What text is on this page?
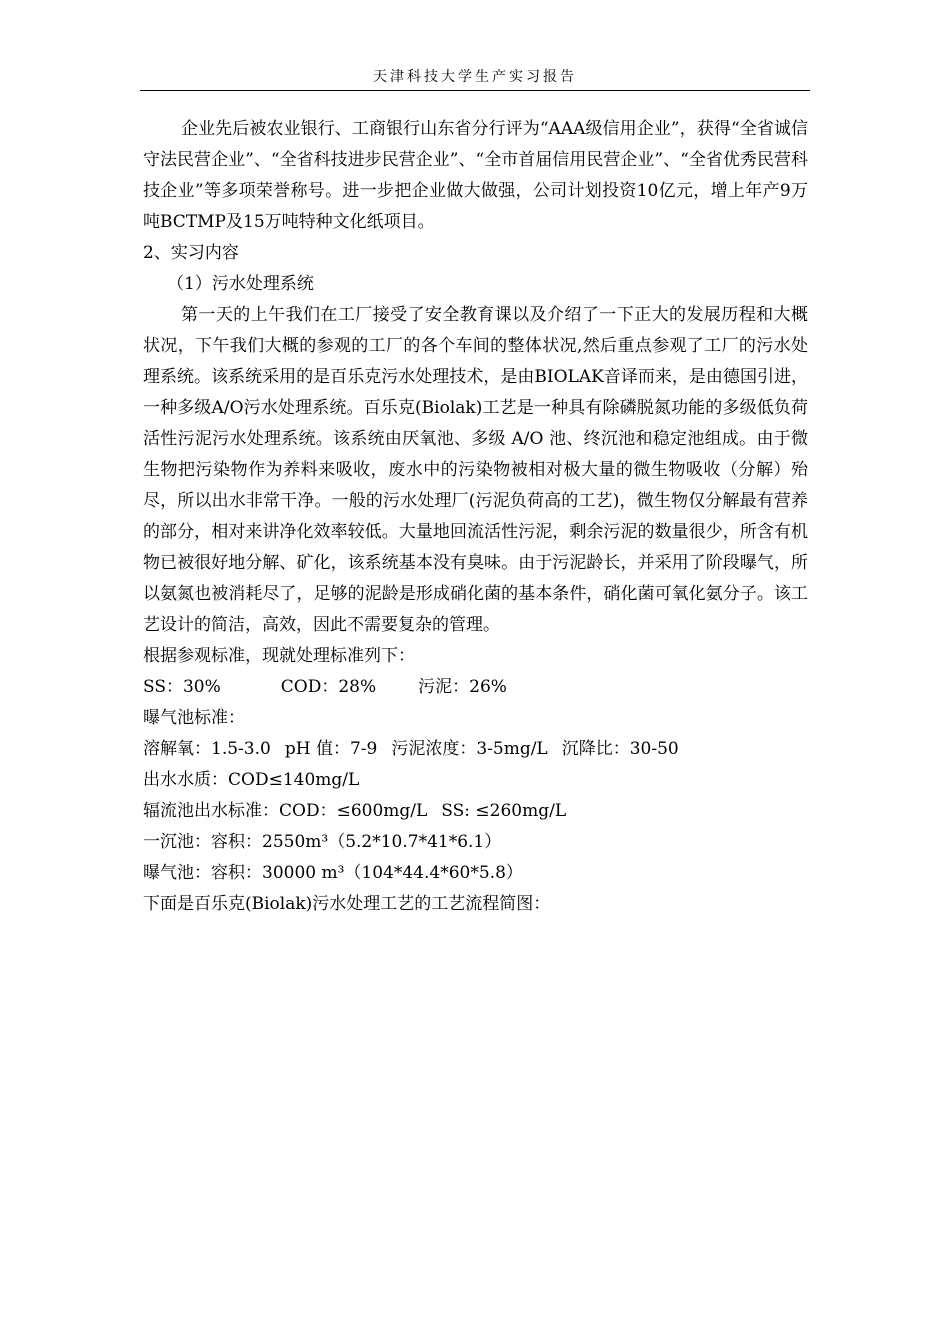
天津科技大学生产实习报告

企业先后被农业银行、工商银行山东省分行评为“AAA级信用企业”，获得“全省诚信守法民营企业”、“全省科技进步民营企业”、“全市首届信用民营企业”、“全省优秀民营科技企业”等多项荣誉称号。进一步把企业做大做强，公司计划投资10亿元，增上年产9万吨BCTMP及15万吨特种文化纸项目。

2、实习内容

（1）污水处理系统

第一天的上午我们在工厂接受了安全教育课以及介绍了一下正大的发展历程和大概状况，下午我们大概的参观的工厂的各个车间的整体状况,然后重点参观了工厂的污水处理系统。该系统采用的是百乐克污水处理技术，是由BIOLAK音译而来，是由德国引进，一种多级A/O污水处理系统。百乐克(Biolak)工艺是一种具有除磷脱氮功能的多级低负荷活性污泥污水处理系统。该系统由厌氧池、多级 A/O 池、终沉池和稳定池组成。由于微生物把污染物作为养料来吸收，废水中的污染物被相对极大量的微生物吸收（分解）殆尽，所以出水非常干净。一般的污水处理厂(污泥负荷高的工艺)，微生物仅分解最有营养的部分，相对来讲净化效率较低。大量地回流活性污泥，剩余污泥的数量很少，所含有机物已被很好地分解、矿化，该系统基本没有臭味。由于污泥龄长，并采用了阶段曝气，所以氨氮也被消耗尽了，足够的泥龄是形成硝化菌的基本条件，硝化菌可氧化氨分子。该工艺设计的简洁，高效，因此不需要复杂的管理。

根据参观标准，现就处理标准列下：

SS：30%	COD：28% 污泥：26%

曝气池标准：

溶解氧：1.5-3.0 pH 值：7-9 污泥浓度：3-5mg/L 沉降比：30-50

出水水质：COD≤140mg/L

辐流池出水标准：COD：≤600mg/L SS: ≤260mg/L

一沉池：容积：2550m³（5.2*10.7*41*6.1）

曝气池：容积：30000 m³（104*44.4*60*5.8）

下面是百乐克(Biolak)污水处理工艺的工艺流程简图：
